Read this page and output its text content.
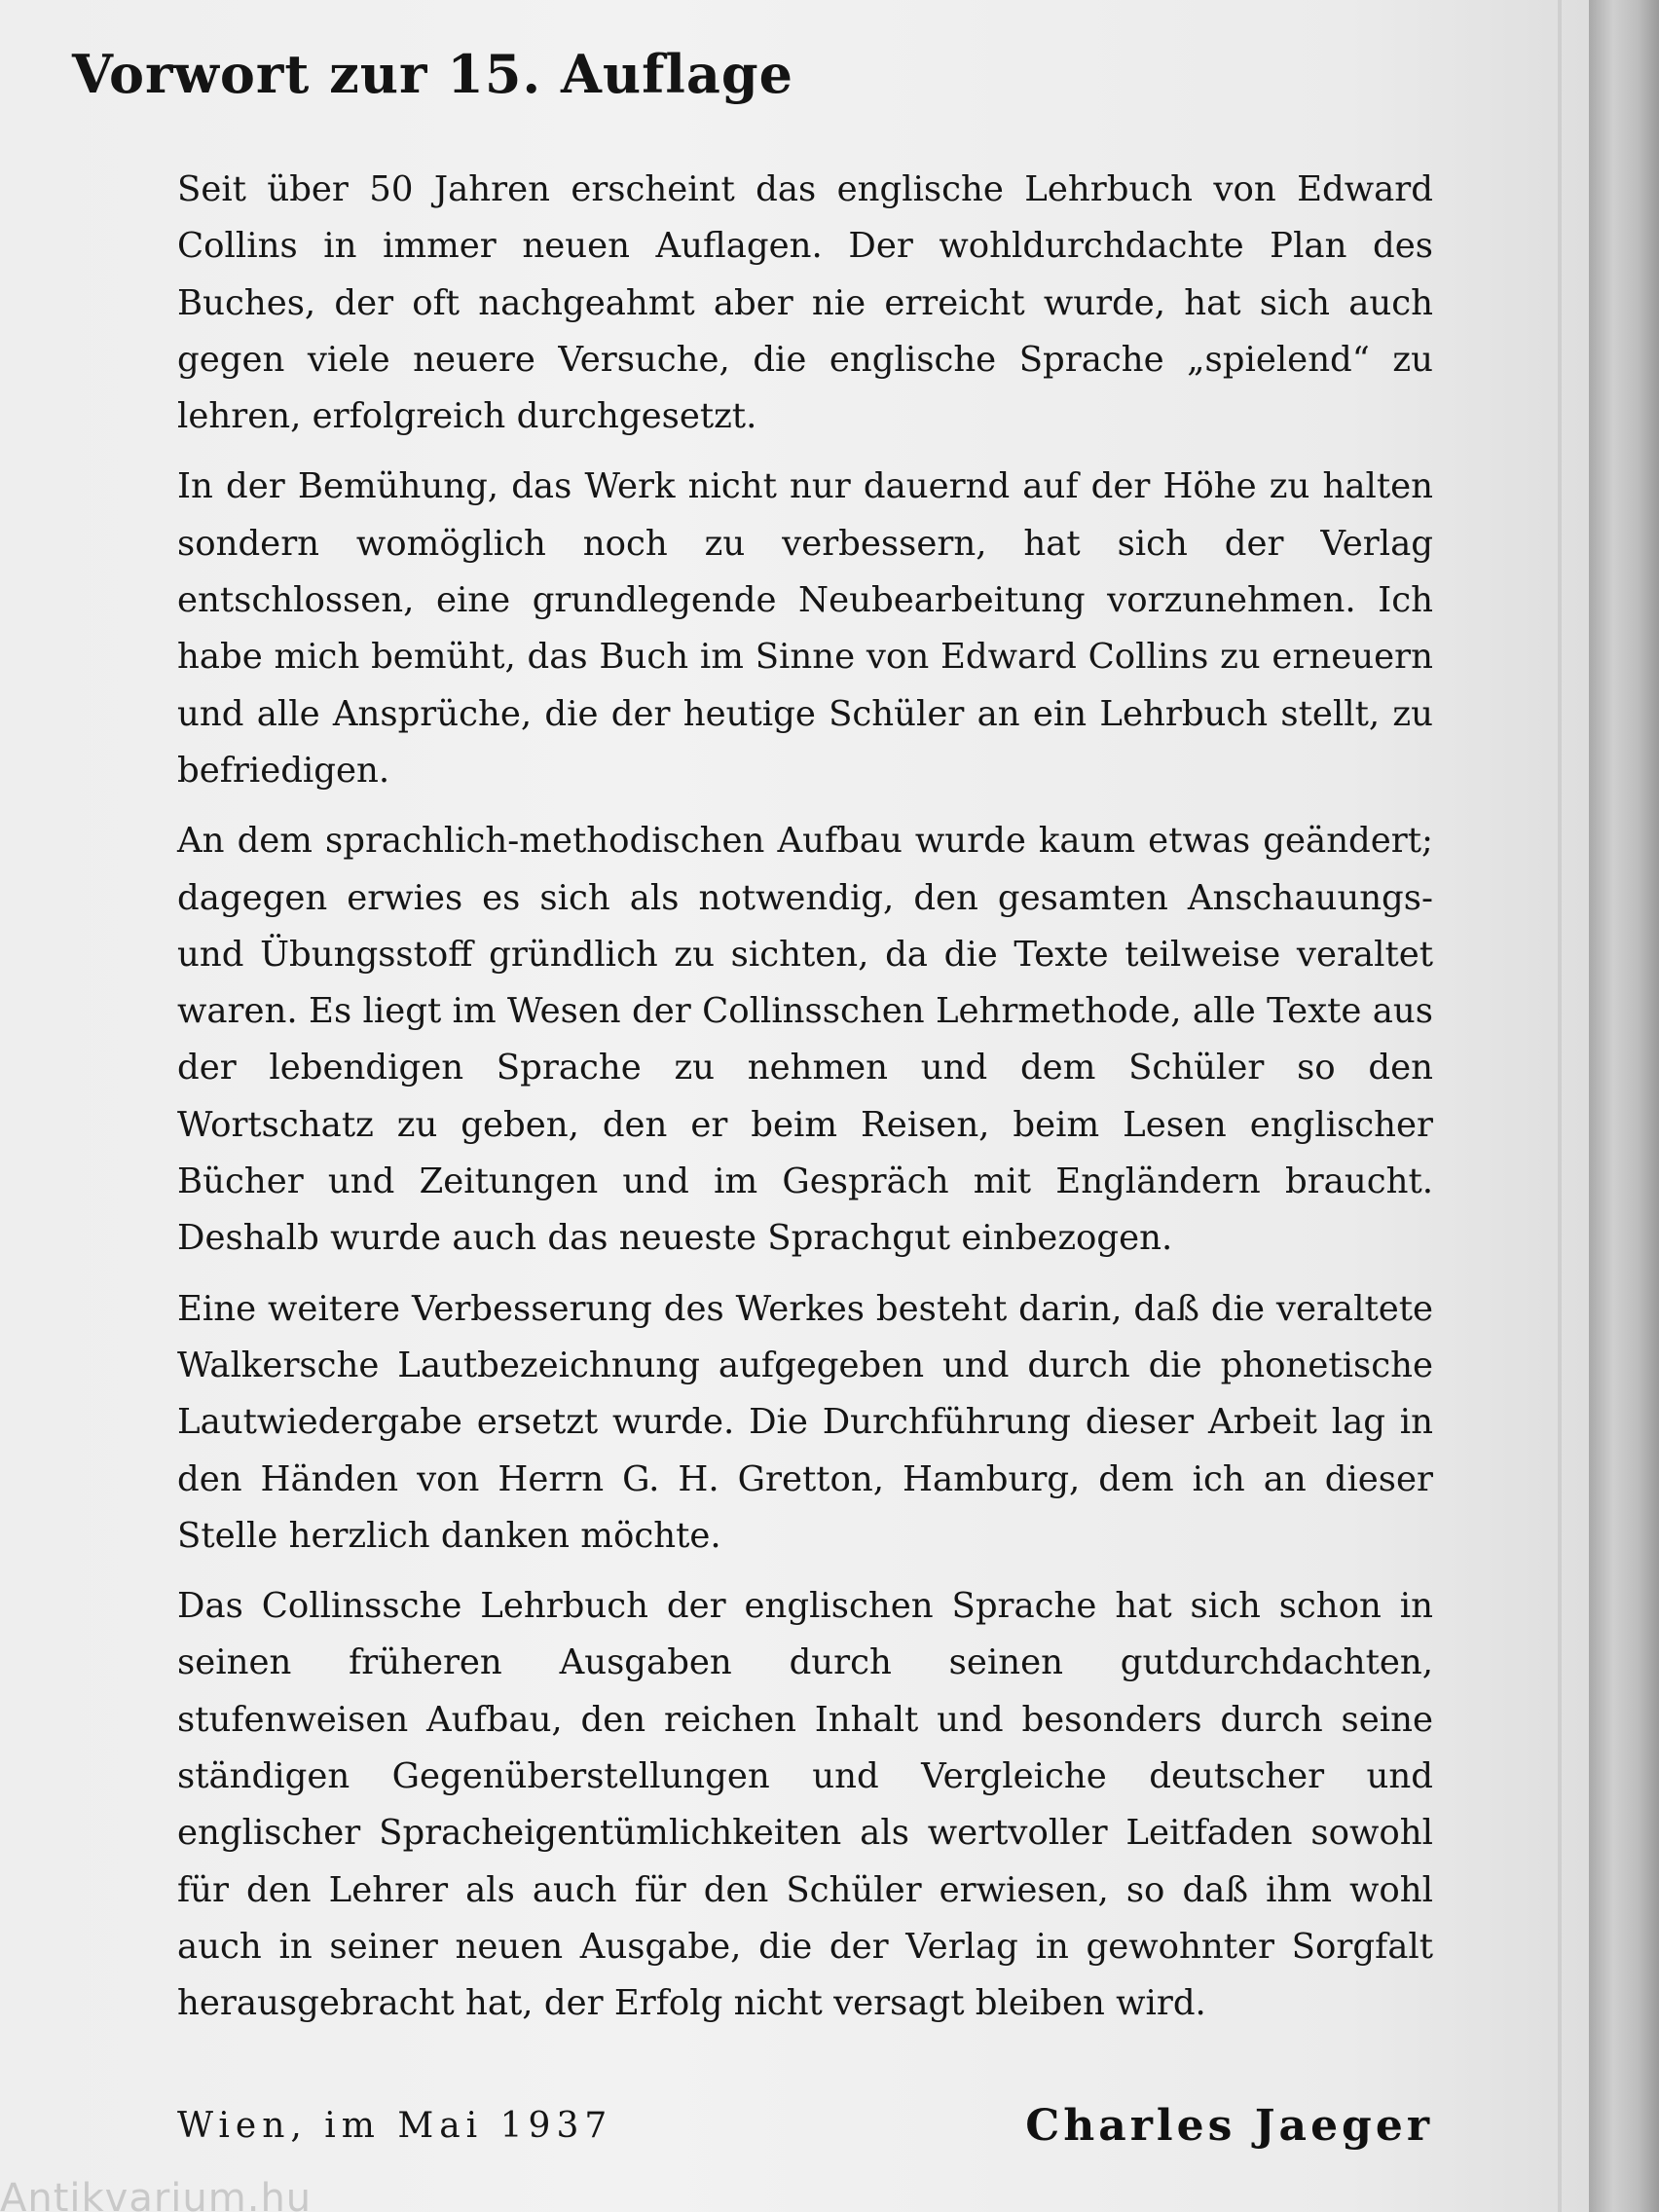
Vorwort zur 15. Auflage

Seit über 50 Jahren erscheint das englische Lehrbuch von Edward Collins in immer neuen Auflagen. Der wohldurchdachte Plan des Buches, der oft nachgeahmt aber nie erreicht wurde, hat sich auch gegen viele neuere Versuche, die englische Sprache „spielend“ zu lehren, erfolgreich durchgesetzt.

In der Bemühung, das Werk nicht nur dauernd auf der Höhe zu halten sondern womöglich noch zu verbessern, hat sich der Verlag entschlossen, eine grundlegende Neubearbeitung vorzunehmen. Ich habe mich bemüht, das Buch im Sinne von Edward Collins zu erneuern und alle Ansprüche, die der heutige Schüler an ein Lehrbuch stellt, zu befriedigen.

An dem sprachlich-methodischen Aufbau wurde kaum etwas geändert; dagegen erwies es sich als notwendig, den gesamten Anschauungs- und Übungsstoff gründlich zu sichten, da die Texte teilweise veraltet waren. Es liegt im Wesen der Collinsschen Lehrmethode, alle Texte aus der lebendigen Sprache zu nehmen und dem Schüler so den Wortschatz zu geben, den er beim Reisen, beim Lesen englischer Bücher und Zeitungen und im Gespräch mit Engländern braucht. Deshalb wurde auch das neueste Sprachgut einbezogen.

Eine weitere Verbesserung des Werkes besteht darin, daß die veraltete Walkersche Lautbezeichnung aufgegeben und durch die phonetische Lautwiedergabe ersetzt wurde. Die Durchführung dieser Arbeit lag in den Händen von Herrn G. H. Gretton, Hamburg, dem ich an dieser Stelle herzlich danken möchte.

Das Collinssche Lehrbuch der englischen Sprache hat sich schon in seinen früheren Ausgaben durch seinen gutdurchdachten, stufenweisen Aufbau, den reichen Inhalt und besonders durch seine ständigen Gegenüberstellungen und Vergleiche deutscher und englischer Spracheigentümlichkeiten als wertvoller Leitfaden sowohl für den Lehrer als auch für den Schüler erwiesen, so daß ihm wohl auch in seiner neuen Ausgabe, die der Verlag in gewohnter Sorgfalt herausgebracht hat, der Erfolg nicht versagt bleiben wird.

Wien, im Mai 1937	Charles Jaeger
Antikvarium.hu
